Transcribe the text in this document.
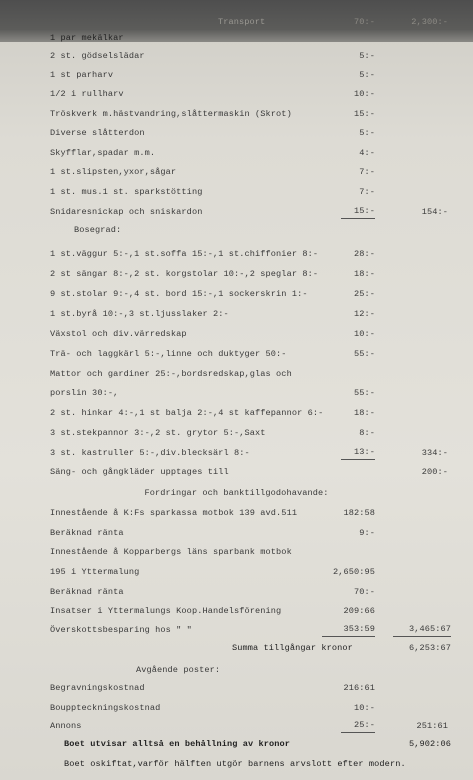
Transport	70:-	2,300:-
1 par mekälkar
2 st. gödselslädar	5:-
1 st parharv	5:-
1/2 i rullharv	10:-
Tröskverk m.hästvandring,slåttermaskin (Skrot)	15:-
Diverse slåtterdon	5:-
Skyfflar,spadar m.m.	4:-
1 st.slipsten,yxor,sågar	7:-
1 st. mus.1 st. sparkstötting	7:-
Snidaresnickap och sniskardon	15:-	154:-
Bosegrad:
1 st.väggur 5:-,1 st.soffa 15:-,1 st.chiffonier 8:-	28:-
2 st sängar 8:-,2 st. korgstolar 10:-,2 speglar 8:-	18:-
9 st.stolar 9:-,4 st. bord 15:-,1 sockerskrin 1:-	25:-
1 st.byrå 10:-,3 st.ljusslaker 2:-	12:-
Växstol och div.värredskap	10:-
Trä- och laggkärl 5:-,linne och duktyger 50:-	55:-
Mattor och gardiner 25:-,bordsredskap,glas och
porslin 30:-,	55:-
2 st. hinkar 4:-,1 st balja 2:-,4 st kaffepannor 6:-	18:-
3 st.stekpannor 3:-,2 st. grytor 5:-,Saxt	8:-
3 st. kastruller 5:-,div.blecksärl 8:-	13:-	334:-
Säng- och gångkläder upptages till	200:-
Fordringar och banktillgodohavande:
Innestående å K:Fs sparkassa motbok 139 avd.511	182:58
Beräknad ränta	9:-
Innestående å Kopparbergs läns sparbank motbok
195 i Yttermalung	2,650:95
Beräknad ränta	70:-
Insatser i Yttermalungs Koop.Handelsförening	209:66
Överskottsbesparing hos " "	353:59	3,465:67
Summa tillgångar kronor	6,253:67
Avgående poster:
Begravningskostnad	216:61
Bouppteckningskostnad	10:-
Annons	25:-	251:61
Boet utvisar alltså en behållning av kronor	5,902:06
Boet oskiftat,varför hälften utgör barnens arvslott efter modern.
